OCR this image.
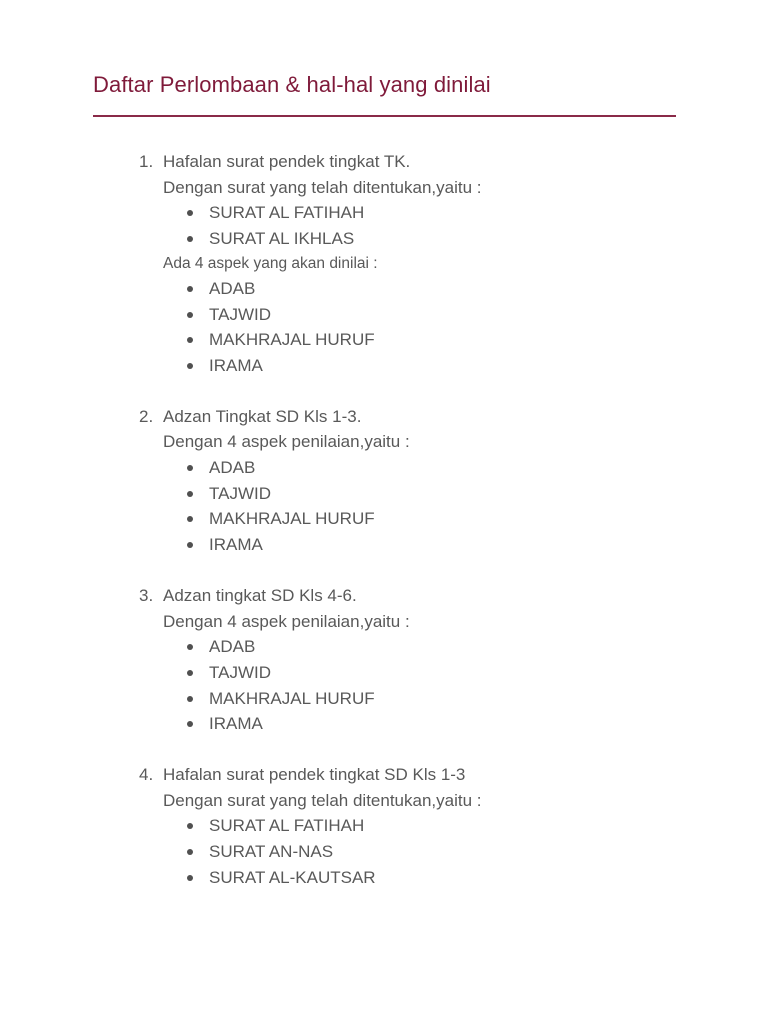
Daftar Perlombaan & hal-hal yang dinilai
1. Hafalan surat pendek tingkat TK.
Dengan surat yang telah ditentukan,yaitu :
SURAT AL FATIHAH
SURAT AL IKHLAS
Ada 4 aspek yang akan dinilai :
ADAB
TAJWID
MAKHRAJAL HURUF
IRAMA
2. Adzan Tingkat SD Kls 1-3.
Dengan 4 aspek penilaian,yaitu :
ADAB
TAJWID
MAKHRAJAL HURUF
IRAMA
3. Adzan tingkat SD Kls 4-6.
Dengan 4 aspek penilaian,yaitu :
ADAB
TAJWID
MAKHRAJAL HURUF
IRAMA
4. Hafalan surat pendek tingkat SD Kls 1-3
Dengan surat yang telah ditentukan,yaitu :
SURAT AL FATIHAH
SURAT AN-NAS
SURAT AL-KAUTSAR
